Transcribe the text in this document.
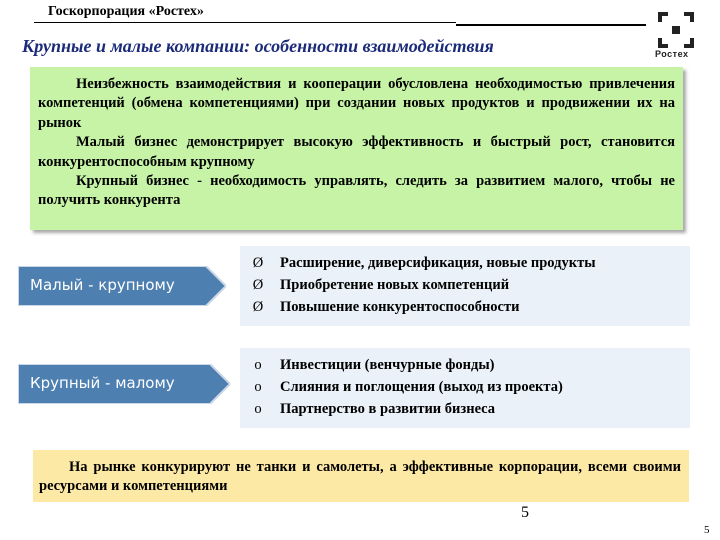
Госкорпорация «Ростех»
Ростех
Крупные и малые компании: особенности взаимодействия

Неизбежность взаимодействия и кооперации обусловлена необходимостью привлечения компетенций (обмена компетенциями) при создании новых продуктов и продвижении их на рынок

Малый бизнес демонстрирует высокую эффективность и быстрый рост, становится конкурентоспособным крупному

Крупный бизнес - необходимость управлять, следить за развитием малого, чтобы не получить конкурента

Малый - крупному
Ø	Расширение, диверсификация, новые продукты
Ø	Приобретение новых компетенций
Ø	Повышение конкурентоспособности
Крупный - малому
o	Инвестиции (венчурные фонды)
o	Слияния и поглощения (выход из проекта)
o	Партнерство в развитии бизнеса

На рынке конкурируют не танки и самолеты, а эффективные корпорации, всеми своими ресурсами и компетенциями

5
5
